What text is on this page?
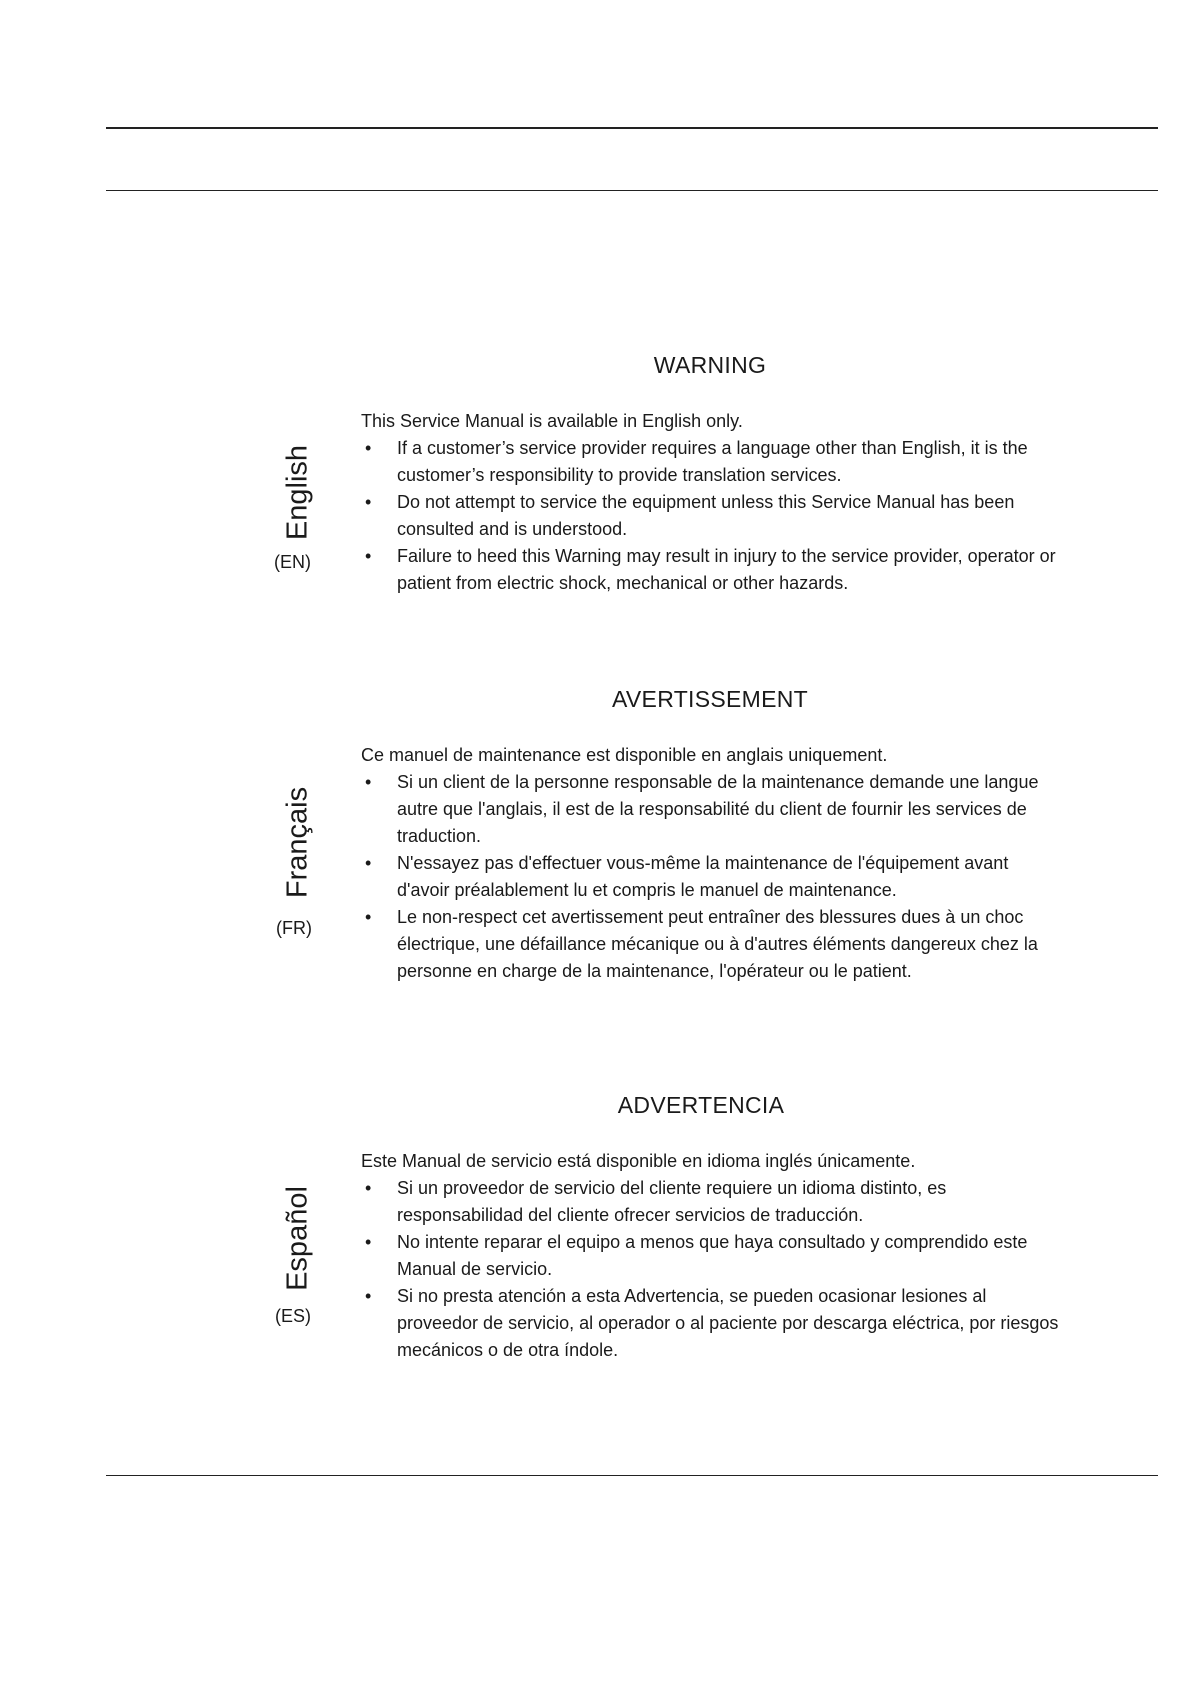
WARNING
English
(EN)

This Service Manual is available in English only.

• If a customer’s service provider requires a language other than English, it is the customer’s responsibility to provide translation services.
• Do not attempt to service the equipment unless this Service Manual has been consulted and is understood.
• Failure to heed this Warning may result in injury to the service provider, operator or patient from electric shock, mechanical or other hazards.
AVERTISSEMENT
Français
(FR)

Ce manuel de maintenance est disponible en anglais uniquement.

• Si un client de la personne responsable de la maintenance demande une langue autre que l'anglais, il est de la responsabilité du client de fournir les services de traduction.
• N'essayez pas d'effectuer vous-même la maintenance de l'équipement avant d'avoir préalablement lu et compris le manuel de maintenance.
• Le non-respect cet avertissement peut entraîner des blessures dues à un choc électrique, une défaillance mécanique ou à d'autres éléments dangereux chez la personne en charge de la maintenance, l'opérateur ou le patient.
ADVERTENCIA
Español
(ES)

Este Manual de servicio está disponible en idioma inglés únicamente.

• Si un proveedor de servicio del cliente requiere un idioma distinto, es responsabilidad del cliente ofrecer servicios de traducción.
• No intente reparar el equipo a menos que haya consultado y comprendido este Manual de servicio.
• Si no presta atención a esta Advertencia, se pueden ocasionar lesiones al proveedor de servicio, al operador o al paciente por descarga eléctrica, por riesgos mecánicos o de otra índole.
